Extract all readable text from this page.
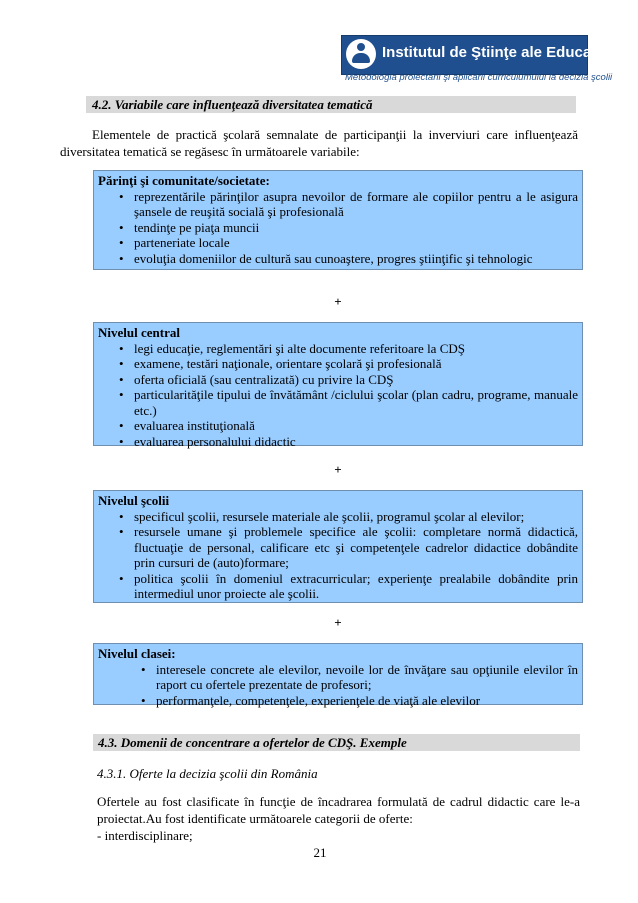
Institutul de Ştiinţe ale Educaţiei
Metodologia proiectării şi aplicării curriculumului la decizia şcolii
4.2. Variabile care influenţează diversitatea tematică
Elementele de practică şcolară semnalate de participanţii la inverviuri care influenţează diversitatea tematică se regăsesc în următoarele variabile:
Părinţi şi comunitate/societate:
• reprezentările părinţilor asupra nevoilor de formare ale copiilor pentru a le asigura şansele de reuşită socială şi profesională
• tendinţe pe piaţa muncii
• parteneriate locale
• evoluţia domeniilor de cultură sau cunoaştere, progres ştiinţific şi tehnologic
+
Nivelul central
• legi educaţie, reglementări şi alte documente referitoare la CDŞ
• examene, testări naţionale, orientare şcolară şi profesională
• oferta oficială (sau centralizată) cu privire la CDŞ
• particularităţile tipului de învătământ /ciclului şcolar (plan cadru, programe, manuale etc.)
• evaluarea instituţională
• evaluarea personalului didactic
+
Nivelul şcolii
• specificul şcolii, resursele materiale ale şcolii, programul şcolar al elevilor;
• resursele umane şi problemele specifice ale şcolii: completare normă didactică, fluctuaţie de personal, calificare etc şi competenţele cadrelor didactice dobândite prin cursuri de (auto)formare;
• politica şcolii în domeniul extracurricular; experienţe prealabile dobândite prin intermediul unor proiecte ale şcolii.
+
Nivelul clasei:
• interesele concrete ale elevilor, nevoile lor de învăţare sau opţiunile elevilor în raport cu ofertele prezentate de profesori;
• performanţele, competenţele, experienţele de viaţă ale elevilor
4.3. Domenii de concentrare a ofertelor de CDŞ. Exemple
4.3.1. Oferte la decizia şcolii din România
Ofertele au fost clasificate în funcţie de încadrarea formulată de cadrul didactic care le-a proiectat.Au fost identificate următoarele categorii de oferte:
- interdisciplinare;
21
